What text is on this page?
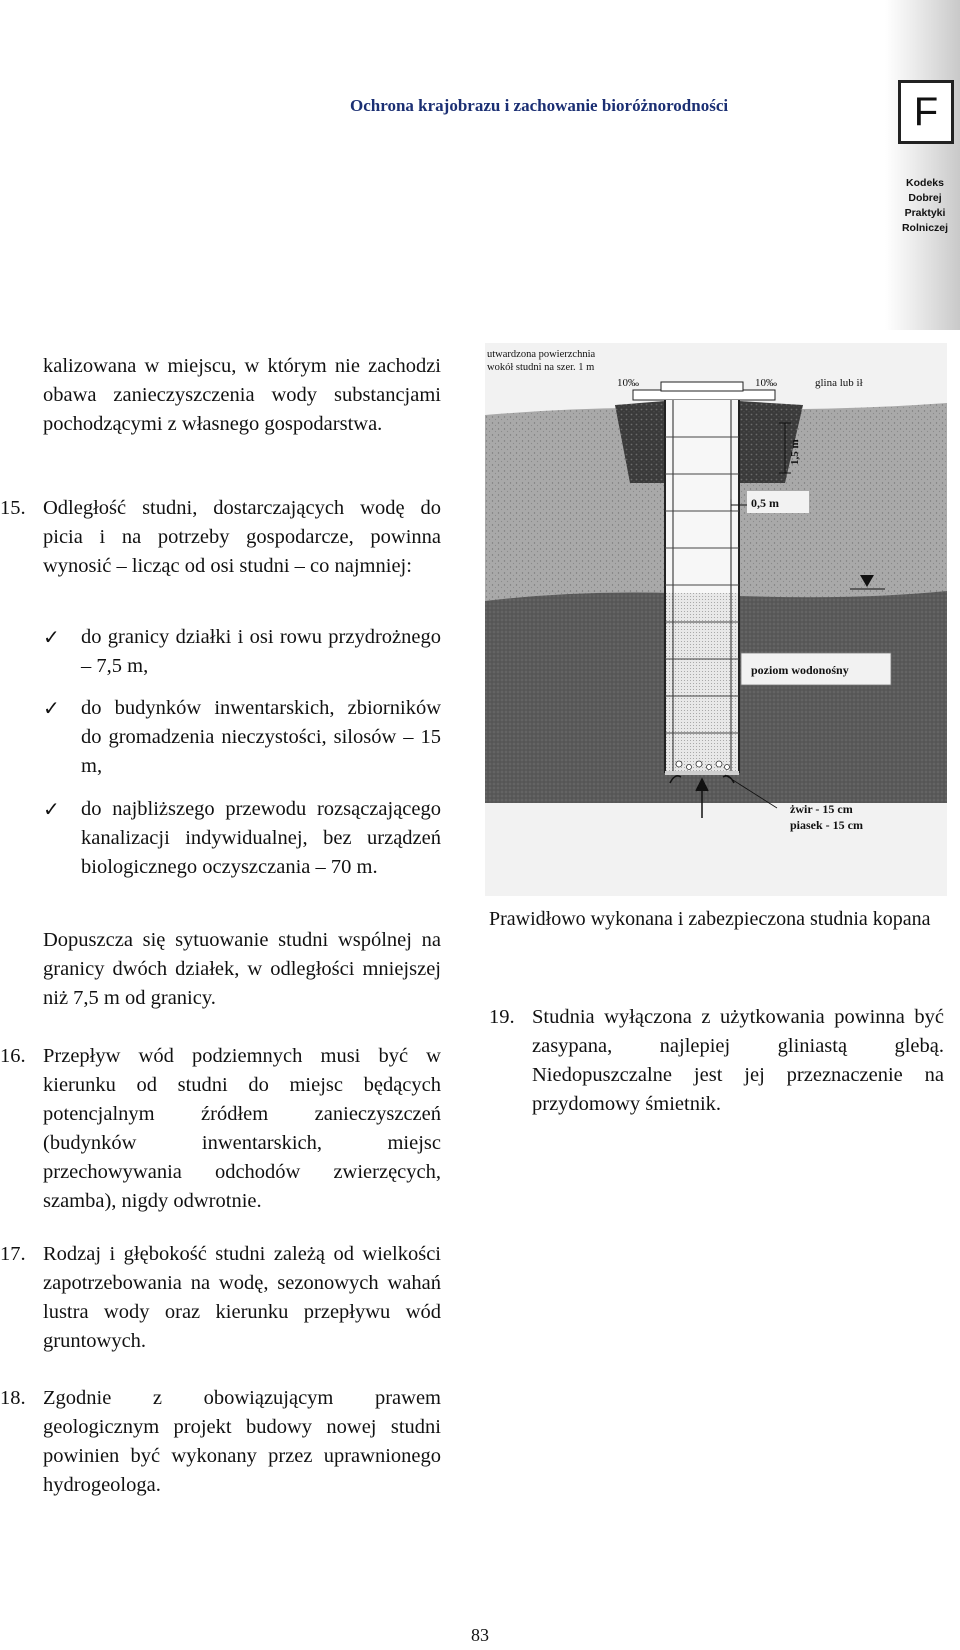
Ochrona krajobrazu i zachowanie bioróżnorodności	F
Kodeks
Dobrej
Praktyki
Rolniczej

kalizowana w miejscu, w którym nie zachodzi obawa zanieczyszczenia wody substancjami pochodzącymi z własnego gospodarstwa.

15. Odległość studni, dostarczających wodę do picia i na potrzeby gospodarcze, powinna wynosić – licząc od osi studni – co najmniej:
✓ do granicy działki i osi rowu przydrożnego – 7,5 m,
✓ do budynków inwentarskich, zbiorników do gromadzenia nieczystości, silosów – 15 m,
✓ do najbliższego przewodu rozsączającego kanalizacji indywidualnej, bez urządzeń biologicznego oczyszczania – 70 m.

Dopuszcza się sytuowanie studni wspólnej na granicy dwóch działek, w odległości mniejszej niż 7,5 m od granicy.

16. Przepływ wód podziemnych musi być w kierunku od studni do miejsc będących potencjalnym źródłem zanieczyszczeń (budynków inwentarskich, miejsc przechowywania odchodów zwierzęcych, szamba), nigdy odwrotnie.
17. Rodzaj i głębokość studni zależą od wielkości zapotrzebowania na wodę, sezonowych wahań lustra wody oraz kierunku przepływu wód gruntowych.
18. Zgodnie z obowiązującym prawem geologicznym projekt budowy nowej studni powinien być wykonany przez uprawnionego hydrogeologa.
utwardzona powierzchnia
wokół studni na szer. 1 m
10‰	10‰	glina lub ił
1,5 m
0,5 m
poziom wodonośny
żwir - 15 cm
piasek - 15 cm

Prawidłowo wykonana i zabezpieczona studnia kopana

19. Studnia wyłączona z użytkowania powinna być zasypana, najlepiej gliniastą glebą. Niedopuszczalne jest jej przeznaczenie na przydomowy śmietnik.
83
